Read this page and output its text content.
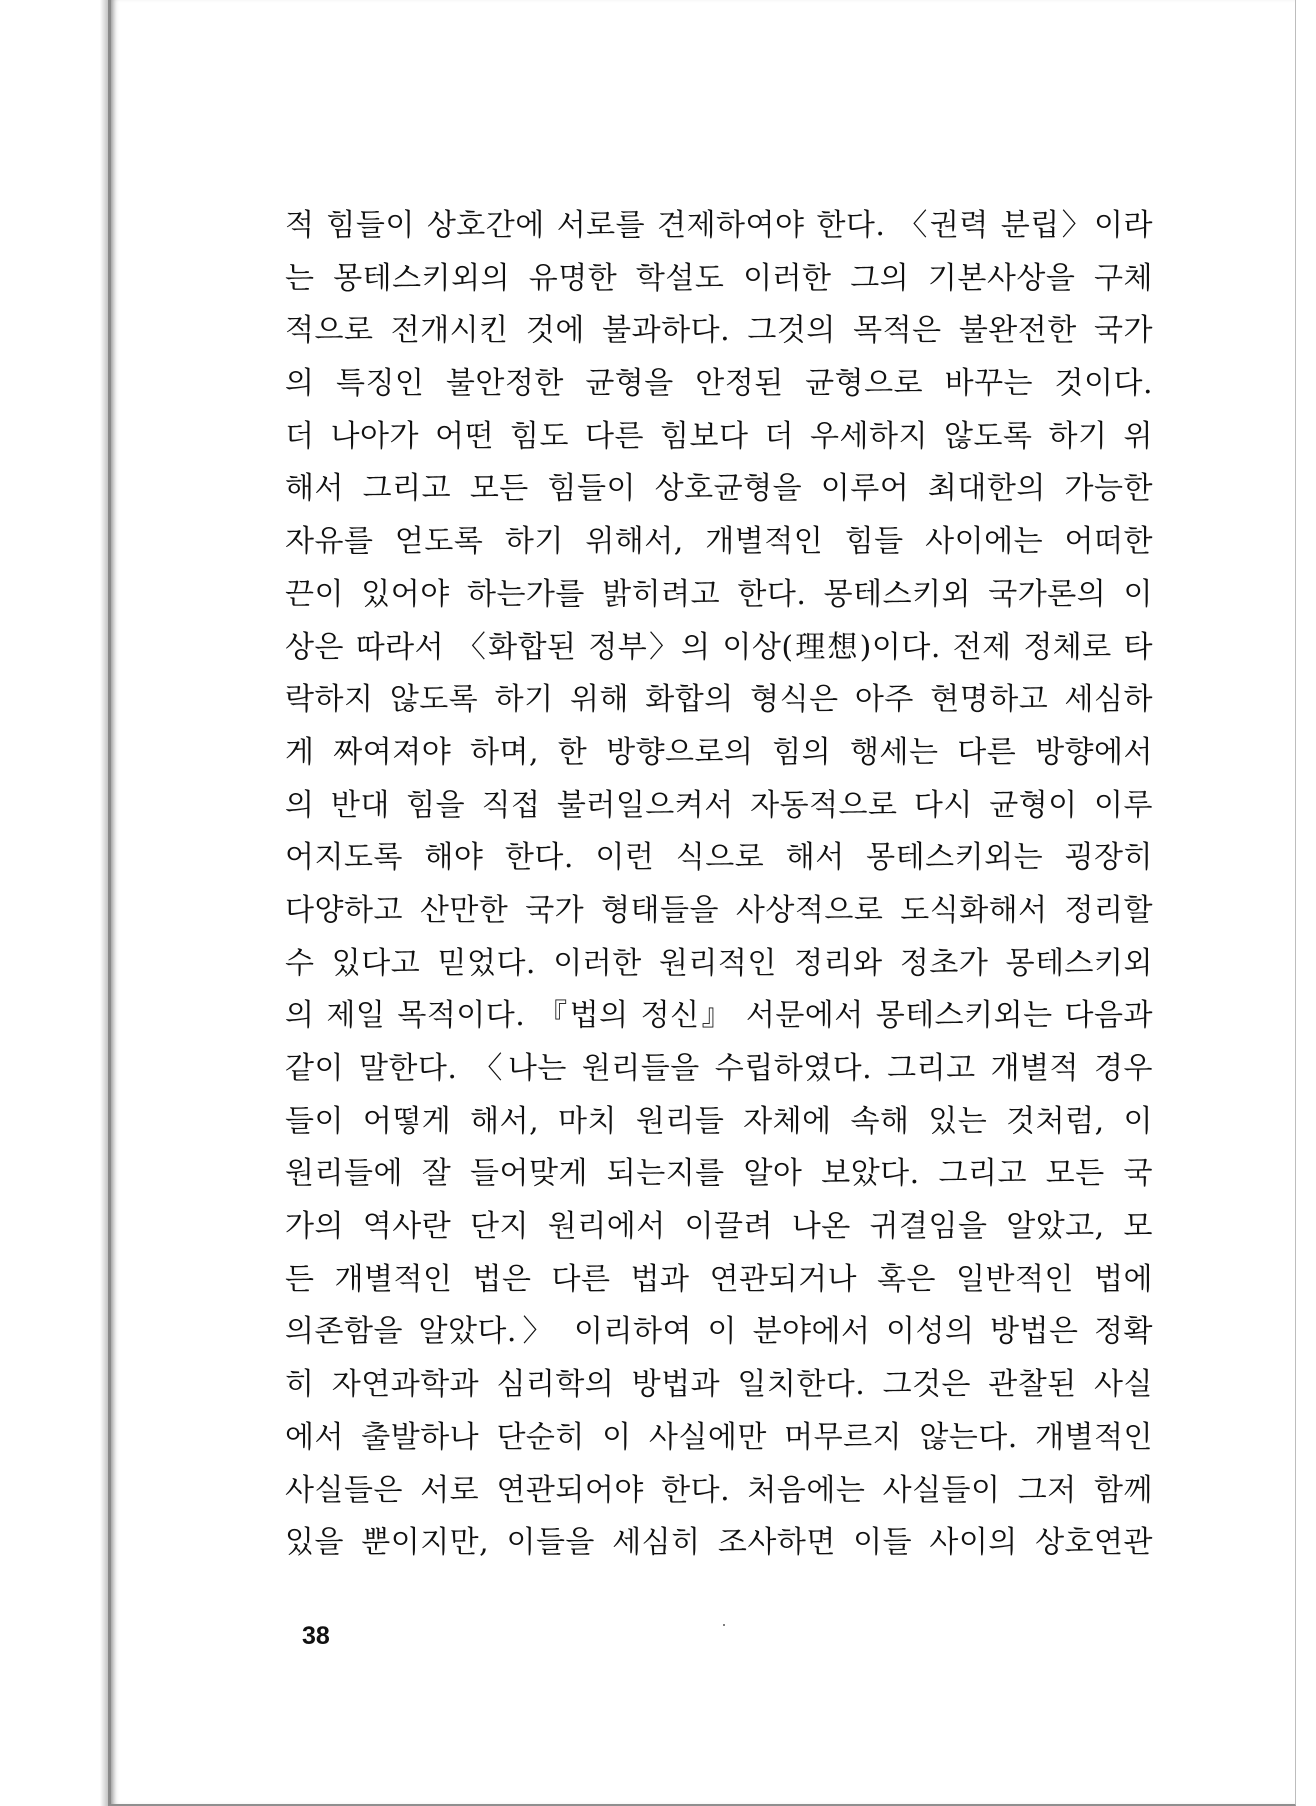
적 힘들이 상호간에 서로를 견제하여야 한다. 〈권력 분립〉이라
는 몽테스키외의 유명한 학설도 이러한 그의 기본사상을 구체
적으로 전개시킨 것에 불과하다. 그것의 목적은 불완전한 국가
의 특징인 불안정한 균형을 안정된 균형으로 바꾸는 것이다.
더 나아가 어떤 힘도 다른 힘보다 더 우세하지 않도록 하기 위
해서 그리고 모든 힘들이 상호균형을 이루어 최대한의 가능한
자유를 얻도록 하기 위해서, 개별적인 힘들 사이에는 어떠한
끈이 있어야 하는가를 밝히려고 한다. 몽테스키외 국가론의 이
상은 따라서 〈화합된 정부〉의 이상(理想)이다. 전제 정체로 타
락하지 않도록 하기 위해 화합의 형식은 아주 현명하고 세심하
게 짜여져야 하며, 한 방향으로의 힘의 행세는 다른 방향에서
의 반대 힘을 직접 불러일으켜서 자동적으로 다시 균형이 이루
어지도록 해야 한다. 이런 식으로 해서 몽테스키외는 굉장히
다양하고 산만한 국가 형태들을 사상적으로 도식화해서 정리할
수 있다고 믿었다. 이러한 원리적인 정리와 정초가 몽테스키외
의 제일 목적이다. 『법의 정신』 서문에서 몽테스키외는 다음과
같이 말한다. 〈나는 원리들을 수립하였다. 그리고 개별적 경우
들이 어떻게 해서, 마치 원리들 자체에 속해 있는 것처럼, 이
원리들에 잘 들어맞게 되는지를 알아 보았다. 그리고 모든 국
가의 역사란 단지 원리에서 이끌려 나온 귀결임을 알았고, 모
든 개별적인 법은 다른 법과 연관되거나 혹은 일반적인 법에
의존함을 알았다.〉 이리하여 이 분야에서 이성의 방법은 정확
히 자연과학과 심리학의 방법과 일치한다. 그것은 관찰된 사실
에서 출발하나 단순히 이 사실에만 머무르지 않는다. 개별적인
사실들은 서로 연관되어야 한다. 처음에는 사실들이 그저 함께
있을 뿐이지만, 이들을 세심히 조사하면 이들 사이의 상호연관
38
